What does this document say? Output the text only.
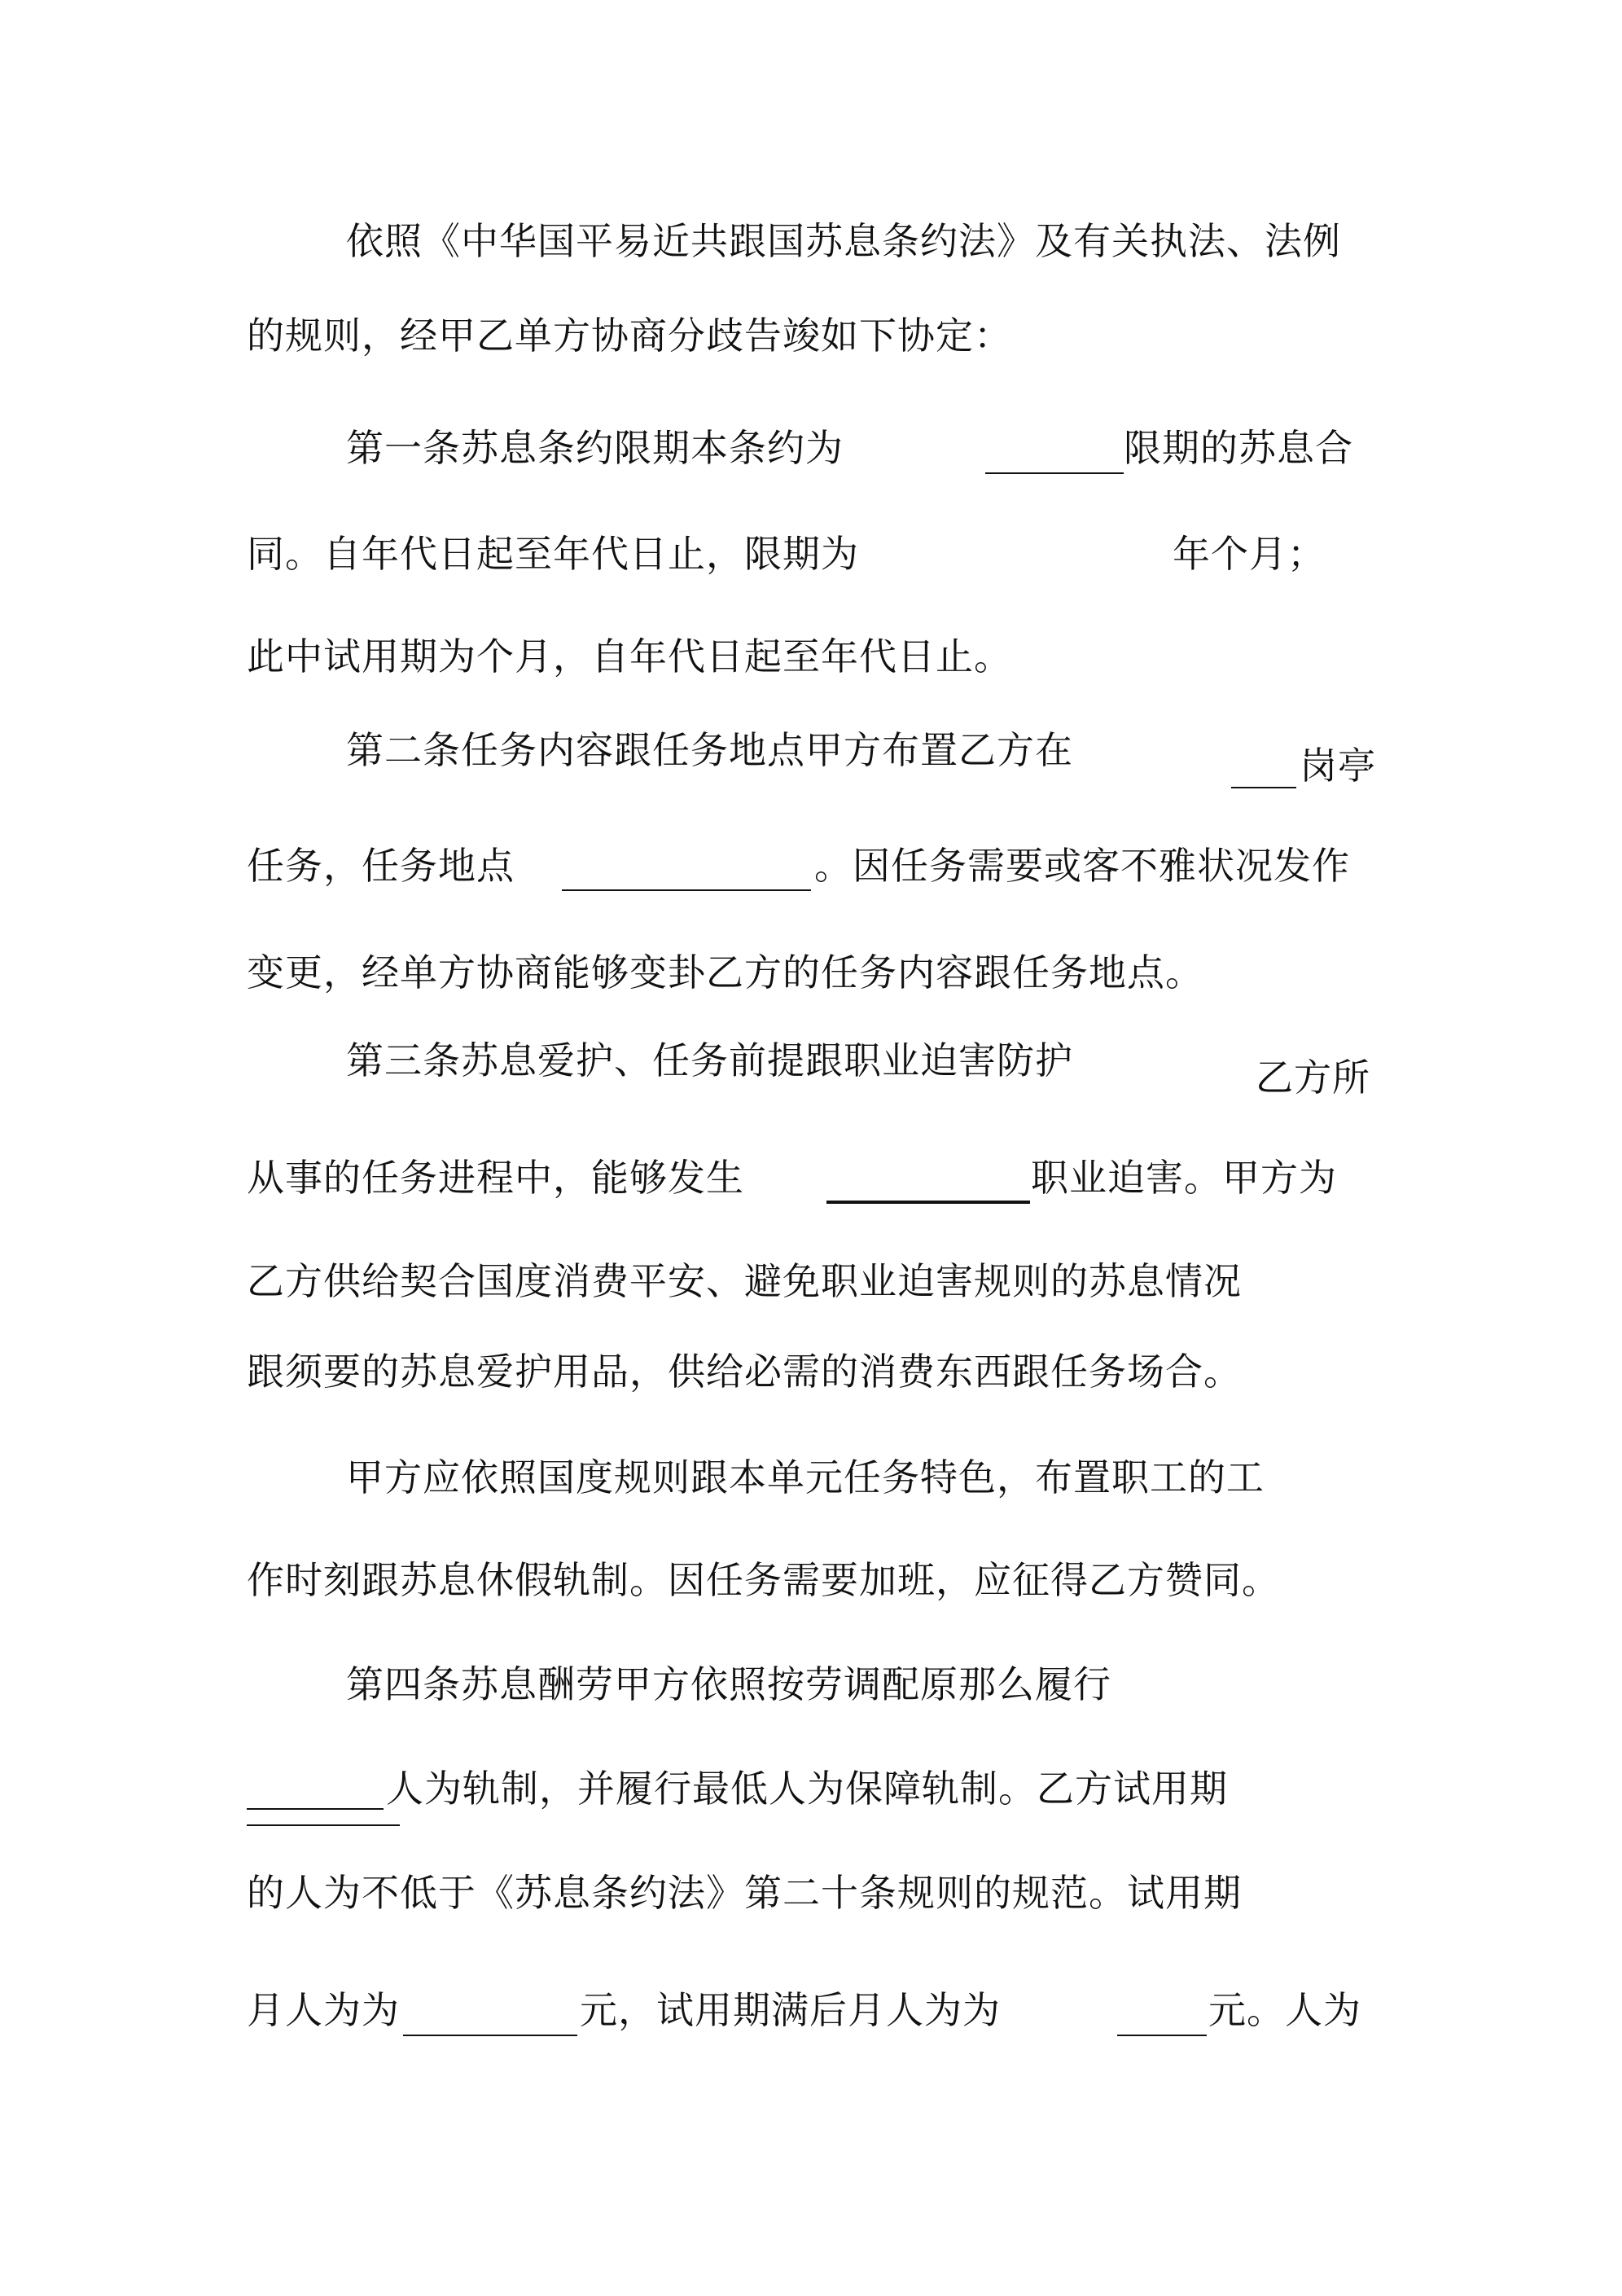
依照《中华国平易近共跟国苏息条约法》及有关执法、法例
的规则，经甲乙单方协商分歧告竣如下协定：
第一条苏息条约限期本条约为	限期的苏息合
同。自年代日起至年代日止，限期为	年个月；
此中试用期为个月，自年代日起至年代日止。
第二条任务内容跟任务地点甲方布置乙方在	岗亭
任务，任务地点	。因任务需要或客不雅状况发作
变更，经单方协商能够变卦乙方的任务内容跟任务地点。
第三条苏息爱护、任务前提跟职业迫害防护	乙方所
从事的任务进程中，能够发生	职业迫害。甲方为
乙方供给契合国度消费平安、避免职业迫害规则的苏息情况
跟须要的苏息爱护用品，供给必需的消费东西跟任务场合。
甲方应依照国度规则跟本单元任务特色，布置职工的工
作时刻跟苏息休假轨制。因任务需要加班，应征得乙方赞同。
第四条苏息酬劳甲方依照按劳调配原那么履行
人为轨制，并履行最低人为保障轨制。乙方试用期
的人为不低于《苏息条约法》第二十条规则的规范。试用期
月人为为	元，试用期满后月人为为	元。人为
